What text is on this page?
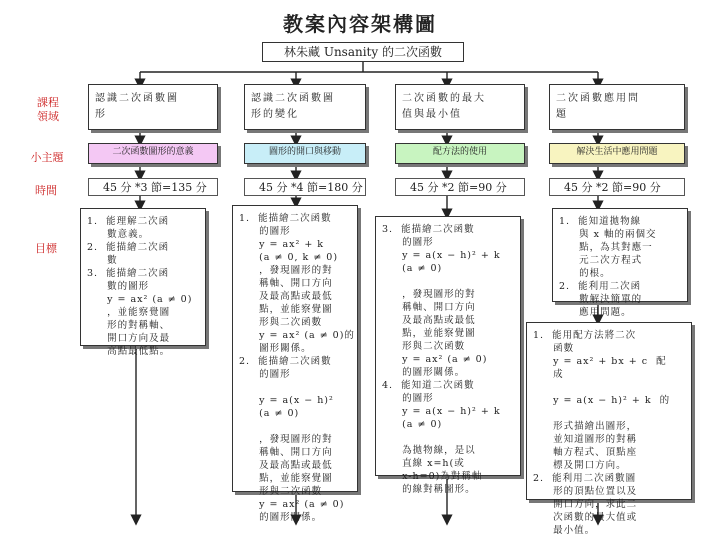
教案內容架構圖
林朱藏 Unsanity 的二次函數
課程
領域
小主題
時間
目標
認識二次函數圖
形
認識二次函數圖
形的變化
二次函數的最大
值與最小值
二次函數應用問
題
二次函數圖形的意義	圖形的開口與移動	配方法的使用	解決生活中應用問題
45 分 *3 節=135 分	45 分 *4 節=180 分	45 分 *2 節=90 分	45 分 *2 節=90 分
1.  能理解二次函
數意義。
2.  能描繪二次函
數
3.  能描繪二次函
數的圖形
y = ax² (a ≠ 0)
，並能察覺圖
形的對稱軸、
開口方向及最
高點最低點。
1.  能描繪二次函數
的圖形
y = ax² + k
(a ≠ 0, k ≠ 0)
，發現圖形的對
稱軸、開口方向
及最高點或最低
點，並能察覺圖
形與二次函數
y = ax² (a ≠ 0)的
圖形關係。
2.  能描繪二次函數
的圖形

y = a(x − h)²
(a ≠ 0)

，發現圖形的對
稱軸、開口方向
及最高點或最低
點，並能察覺圖
形與二次函數
y = ax² (a ≠ 0)
的圖形關係。
3.  能描繪二次函數
的圖形
y = a(x − h)² + k
(a ≠ 0)

，發現圖形的對
稱軸、開口方向
及最高點或最低
點，並能察覺圖
形與二次函數
y = ax² (a ≠ 0)
的圖形關係。
4.  能知道二次函數
的圖形
y = a(x − h)² + k
(a ≠ 0)

為拋物線，是以
直線 x=h(或
x-h=0)為對稱軸
的線對稱圖形。
1.  能知道拋物線
與 x 軸的兩個交
點，為其對應一
元二次方程式
的根。
2.  能利用二次函
數解決簡單的
應用問題。
1.  能用配方法將二次
函數
y = ax² + bx + c  配
成

y = a(x − h)² + k  的

形式描繪出圖形，
並知道圖形的對稱
軸方程式、頂點座
標及開口方向。
2.  能利用二次函數圖
形的頂點位置以及
開口方向，求此二
次函數的最大值或
最小值。
